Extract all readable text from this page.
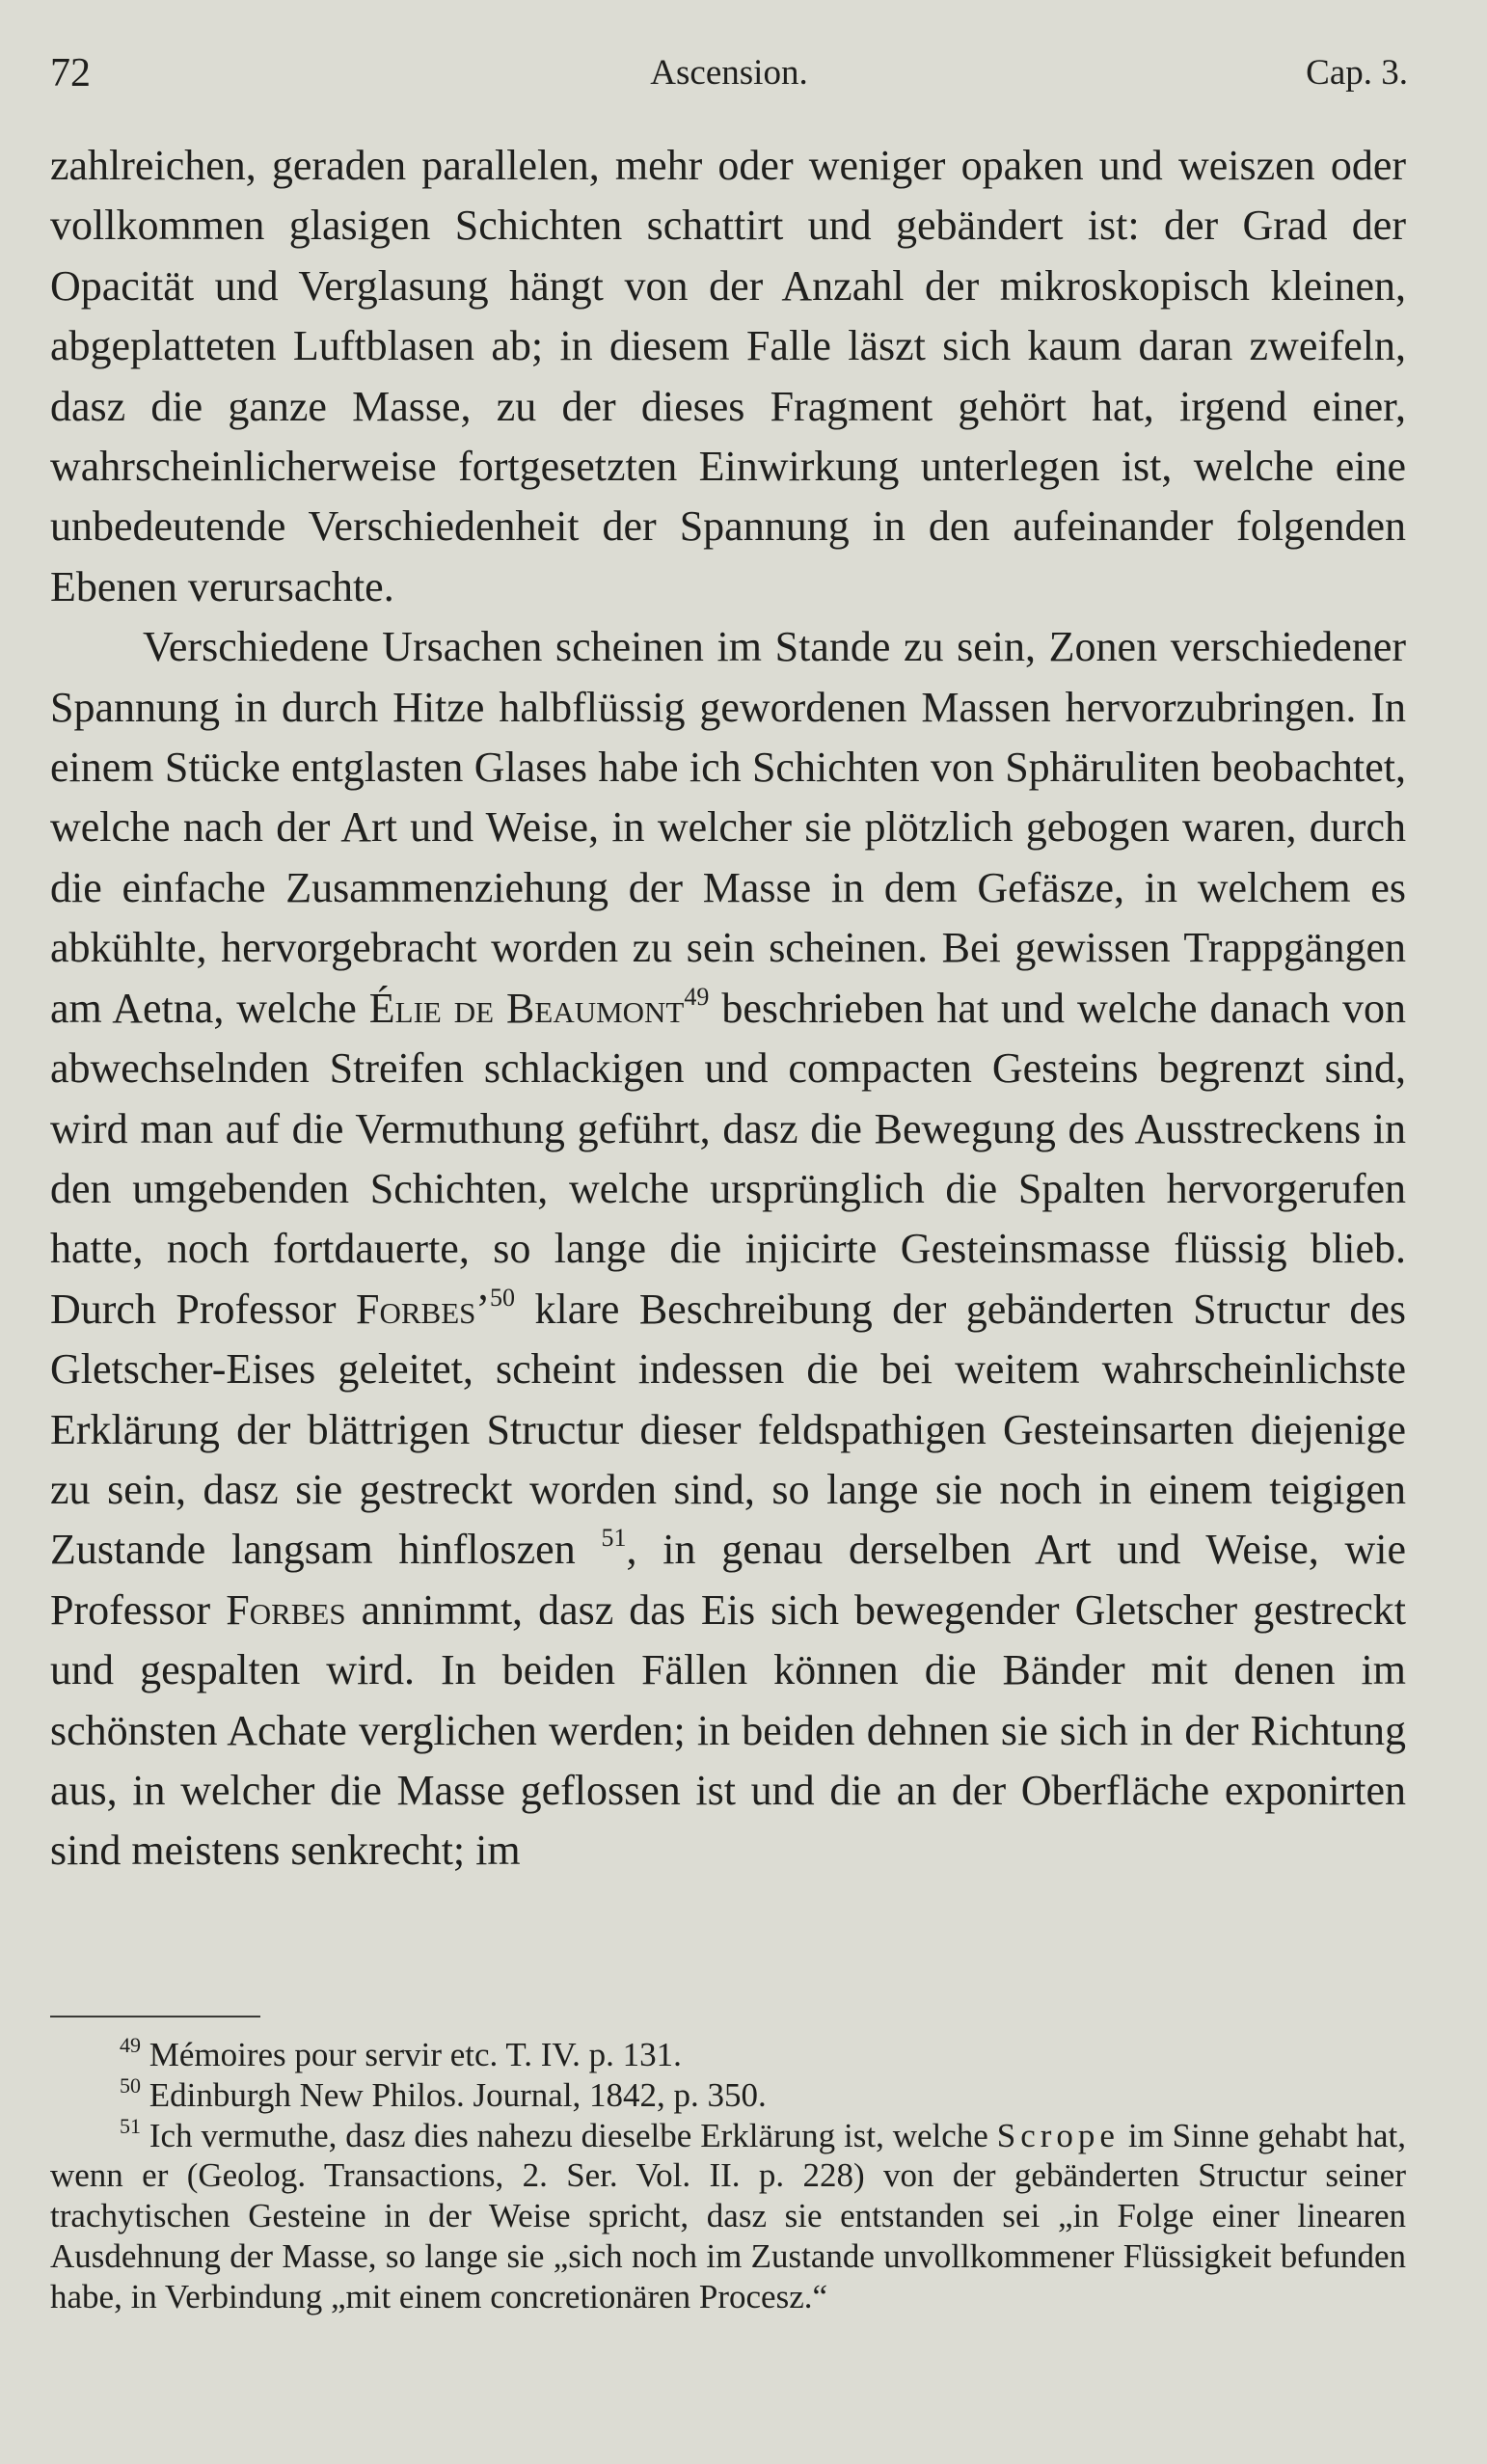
72	Ascension.	Cap. 3.

zahlreichen, geraden parallelen, mehr oder weniger opaken und weiszen oder vollkommen glasigen Schichten schattirt und gebändert ist: der Grad der Opacität und Verglasung hängt von der Anzahl der mikroskopisch kleinen, abgeplatteten Luftblasen ab; in diesem Falle läszt sich kaum daran zweifeln, dasz die ganze Masse, zu der dieses Fragment gehört hat, irgend einer, wahrscheinlicherweise fortgesetzten Einwirkung unterlegen ist, welche eine unbedeutende Verschiedenheit der Spannung in den aufeinander folgenden Ebenen verursachte.

Verschiedene Ursachen scheinen im Stande zu sein, Zonen verschiedener Spannung in durch Hitze halbflüssig gewordenen Massen hervorzubringen. In einem Stücke entglasten Glases habe ich Schichten von Sphäruliten beobachtet, welche nach der Art und Weise, in welcher sie plötzlich gebogen waren, durch die einfache Zusammenziehung der Masse in dem Gefäsze, in welchem es abkühlte, hervorgebracht worden zu sein scheinen. Bei gewissen Trappgängen am Aetna, welche Élie de Beaumont$^{49}$ beschrieben hat und welche danach von abwechselnden Streifen schlackigen und compacten Gesteins begrenzt sind, wird man auf die Vermuthung geführt, dasz die Bewegung des Ausstreckens in den umgebenden Schichten, welche ursprünglich die Spalten hervorgerufen hatte, noch fortdauerte, so lange die injicirte Gesteinsmasse flüssig blieb. Durch Professor Forbes’$^{50}$ klare Beschreibung der gebänderten Structur des Gletscher-Eises geleitet, scheint indessen die bei weitem wahrscheinlichste Erklärung der blättrigen Structur dieser feldspathigen Gesteinsarten diejenige zu sein, dasz sie gestreckt worden sind, so lange sie noch in einem teigigen Zustande langsam hinfloszen $^{51}$, in genau derselben Art und Weise, wie Professor Forbes annimmt, dasz das Eis sich bewegender Gletscher gestreckt und gespalten wird. In beiden Fällen können die Bänder mit denen im schönsten Achate verglichen werden; in beiden dehnen sie sich in der Richtung aus, in welcher die Masse geflossen ist und die an der Oberfläche exponirten sind meistens senkrecht; im

$^{49}$ Mémoires pour servir etc. T. IV. p. 131.

$^{50}$ Edinburgh New Philos. Journal, 1842, p. 350.

$^{51}$ Ich vermuthe, dasz dies nahezu dieselbe Erklärung ist, welche Scrope im Sinne gehabt hat, wenn er (Geolog. Transactions, 2. Ser. Vol. II. p. 228) von der gebänderten Structur seiner trachytischen Gesteine in der Weise spricht, dasz sie entstanden sei „in Folge einer linearen Ausdehnung der Masse, so lange sie „sich noch im Zustande unvollkommener Flüssigkeit befunden habe, in Verbindung „mit einem concretionären Procesz.“
